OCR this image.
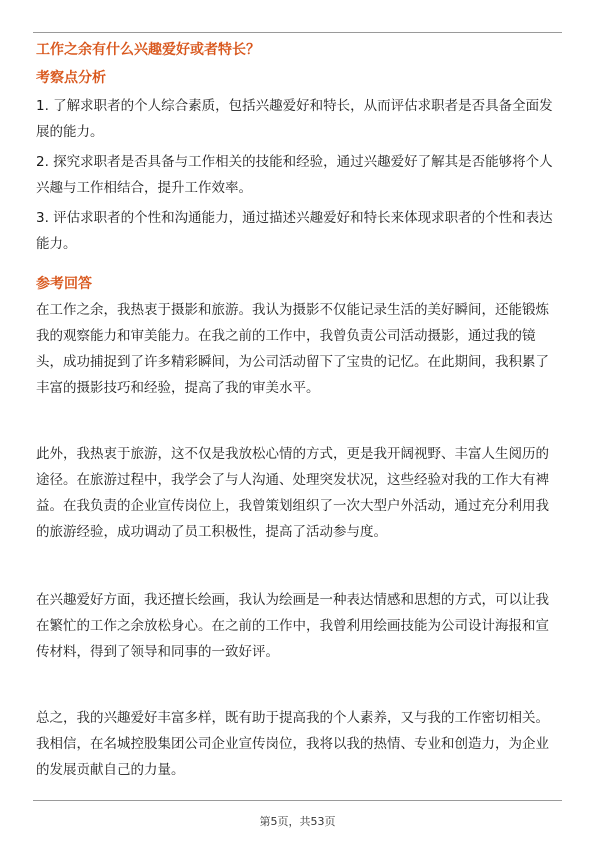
工作之余有什么兴趣爱好或者特长？
考察点分析

1. 了解求职者的个人综合素质，包括兴趣爱好和特长，从而评估求职者是否具备全面发展的能力。

2. 探究求职者是否具备与工作相关的技能和经验，通过兴趣爱好了解其是否能够将个人兴趣与工作相结合，提升工作效率。

3. 评估求职者的个性和沟通能力，通过描述兴趣爱好和特长来体现求职者的个性和表达能力。

参考回答

在工作之余，我热衷于摄影和旅游。我认为摄影不仅能记录生活的美好瞬间，还能锻炼我的观察能力和审美能力。在我之前的工作中，我曾负责公司活动摄影，通过我的镜头，成功捕捉到了许多精彩瞬间，为公司活动留下了宝贵的记忆。在此期间，我积累了丰富的摄影技巧和经验，提高了我的审美水平。

此外，我热衷于旅游，这不仅是我放松心情的方式，更是我开阔视野、丰富人生阅历的途径。在旅游过程中，我学会了与人沟通、处理突发状况，这些经验对我的工作大有裨益。在我负责的企业宣传岗位上，我曾策划组织了一次大型户外活动，通过充分利用我的旅游经验，成功调动了员工积极性，提高了活动参与度。

在兴趣爱好方面，我还擅长绘画，我认为绘画是一种表达情感和思想的方式，可以让我在繁忙的工作之余放松身心。在之前的工作中，我曾利用绘画技能为公司设计海报和宣传材料，得到了领导和同事的一致好评。

总之，我的兴趣爱好丰富多样，既有助于提高我的个人素养，又与我的工作密切相关。我相信，在名城控股集团公司企业宣传岗位，我将以我的热情、专业和创造力，为企业的发展贡献自己的力量。

第5页，共53页
